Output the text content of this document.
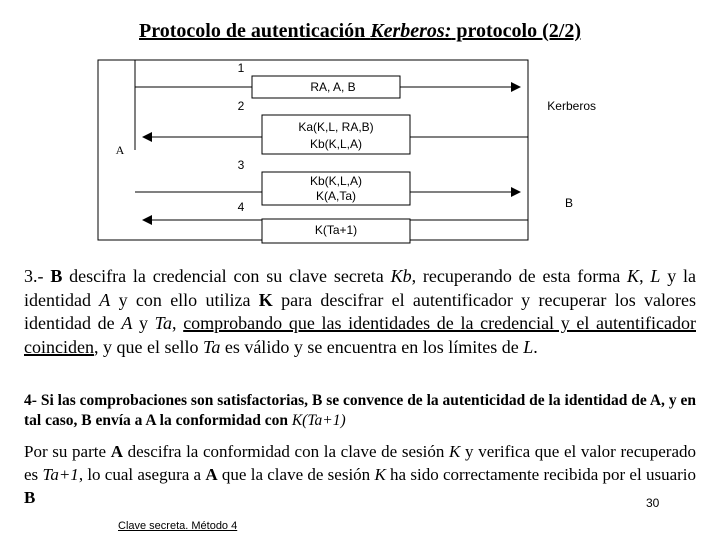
Protocolo de autenticación Kerberos: protocolo (2/2)
A
Kerberos
B
1
2
3
4
RA, A, B
Ka(K,L, RA,B)
Kb(K,L,A)
Kb(K,L,A)
K(A,Ta)
K(Ta+1)
3.- B descifra la credencial con su clave secreta Kb, recuperando de esta forma K, L y la identidad A y con ello utiliza K para descifrar el autentificador y recuperar los valores identidad de A y Ta, comprobando que las identidades de la credencial y el autentificador coinciden, y que el sello Ta es válido y se encuentra en los límites de L.
4- Si las comprobaciones son satisfactorias, B se convence de la autenticidad de la identidad de A, y en tal caso, B envía a A la conformidad con K(Ta+1)
Por su parte A descifra la conformidad con la clave de sesión K y verifica que el valor recuperado es Ta+1, lo cual asegura a A que la clave de sesión K ha sido correctamente recibida por el usuario B	30
Clave secreta. Método 4
